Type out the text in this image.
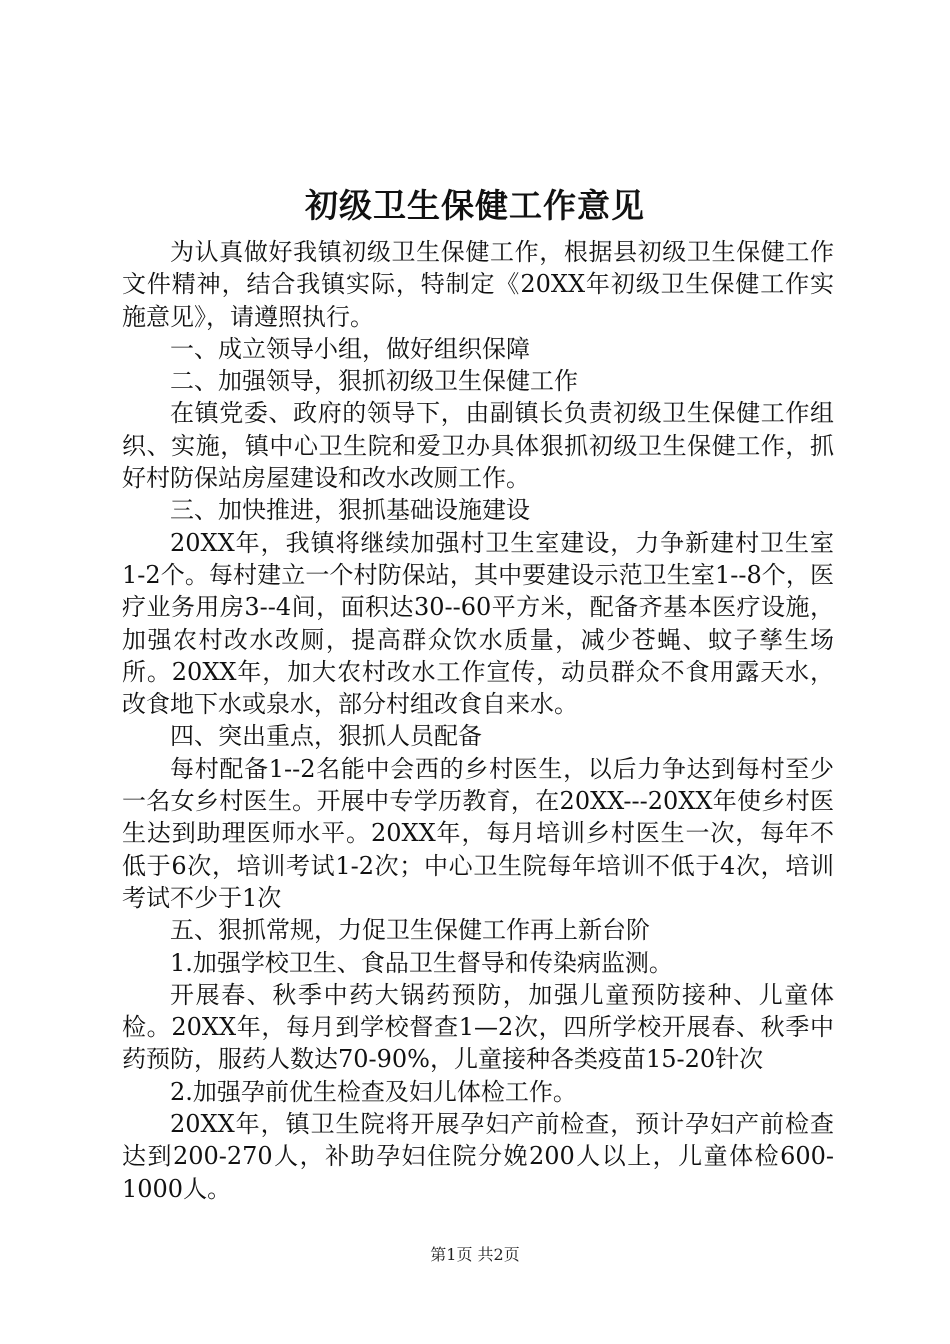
初级卫生保健工作意见

为认真做好我镇初级卫生保健工作，根据县初级卫生保健工作文件精神，结合我镇实际，特制定《20XX年初级卫生保健工作实施意见》，请遵照执行。

一、成立领导小组，做好组织保障

二、加强领导，狠抓初级卫生保健工作

在镇党委、政府的领导下，由副镇长负责初级卫生保健工作组织、实施，镇中心卫生院和爱卫办具体狠抓初级卫生保健工作，抓好村防保站房屋建设和改水改厕工作。

三、加快推进，狠抓基础设施建设

20XX年，我镇将继续加强村卫生室建设，力争新建村卫生室1-2个。每村建立一个村防保站，其中要建设示范卫生室1--8个，医疗业务用房3--4间，面积达30--60平方米，配备齐基本医疗设施，加强农村改水改厕，提高群众饮水质量，减少苍蝇、蚊子孳生场所。20XX年，加大农村改水工作宣传，动员群众不食用露天水，改食地下水或泉水，部分村组改食自来水。

四、突出重点，狠抓人员配备

每村配备1--2名能中会西的乡村医生，以后力争达到每村至少一名女乡村医生。开展中专学历教育，在20XX---20XX年使乡村医生达到助理医师水平。20XX年，每月培训乡村医生一次，每年不低于6次，培训考试1-2次；中心卫生院每年培训不低于4次，培训考试不少于1次

五、狠抓常规，力促卫生保健工作再上新台阶

1.加强学校卫生、食品卫生督导和传染病监测。

开展春、秋季中药大锅药预防，加强儿童预防接种、儿童体检。20XX年，每月到学校督查1—2次，四所学校开展春、秋季中药预防，服药人数达70-90%，儿童接种各类疫苗15-20针次

2.加强孕前优生检查及妇儿体检工作。

20XX年，镇卫生院将开展孕妇产前检查，预计孕妇产前检查达到200-270人，补助孕妇住院分娩200人以上，儿童体检600-1000人。

第1页 共2页
